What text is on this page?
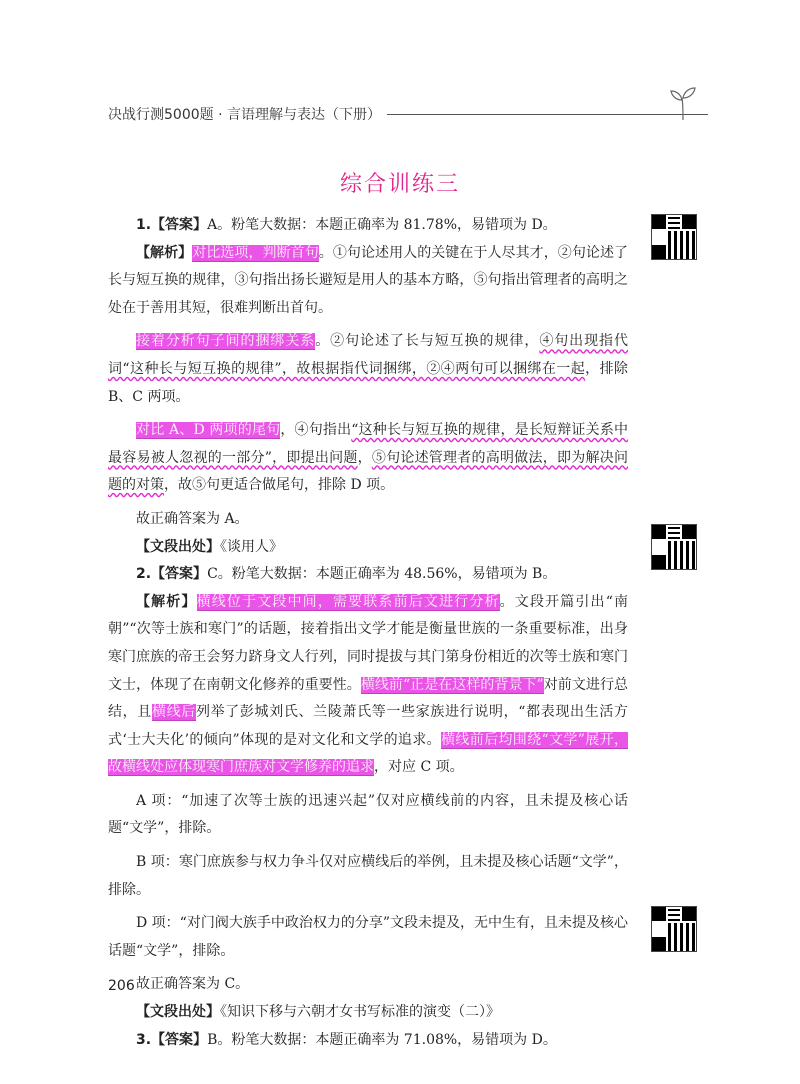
决战行测5000题 · 言语理解与表达（下册）
综合训练三

1.【答案】A。粉笔大数据：本题正确率为 81.78%，易错项为 D。

【解析】对比选项，判断首句。①句论述用人的关键在于人尽其才，②句论述了长与短互换的规律，③句指出扬长避短是用人的基本方略，⑤句指出管理者的高明之处在于善用其短，很难判断出首句。

接着分析句子间的捆绑关系。②句论述了长与短互换的规律，④句出现指代词“这种长与短互换的规律”，故根据指代词捆绑，②④两句可以捆绑在一起，排除 B、C 两项。

对比 A、D 两项的尾句，④句指出“这种长与短互换的规律，是长短辩证关系中最容易被人忽视的一部分”，即提出问题，⑤句论述管理者的高明做法，即为解决问题的对策，故⑤句更适合做尾句，排除 D 项。

故正确答案为 A。

【文段出处】《谈用人》

2.【答案】C。粉笔大数据：本题正确率为 48.56%，易错项为 B。

【解析】横线位于文段中间，需要联系前后文进行分析。文段开篇引出“南朝”“次等士族和寒门”的话题，接着指出文学才能是衡量世族的一条重要标准，出身寒门庶族的帝王会努力跻身文人行列，同时提拔与其门第身份相近的次等士族和寒门文士，体现了在南朝文化修养的重要性。横线前“正是在这样的背景下”对前文进行总结，且横线后列举了彭城刘氏、兰陵萧氏等一些家族进行说明，“都表现出生活方式‘士大夫化’的倾向”体现的是对文化和文学的追求。横线前后均围绕“文学”展开，故横线处应体现寒门庶族对文学修养的追求，对应 C 项。

A 项：“加速了次等士族的迅速兴起”仅对应横线前的内容，且未提及核心话题“文学”，排除。

B 项：寒门庶族参与权力争斗仅对应横线后的举例，且未提及核心话题“文学”，排除。

D 项：“对门阀大族手中政治权力的分享”文段未提及，无中生有，且未提及核心话题“文学”，排除。

故正确答案为 C。

【文段出处】《知识下移与六朝才女书写标准的演变（二）》

3.【答案】B。粉笔大数据：本题正确率为 71.08%，易错项为 D。

206
